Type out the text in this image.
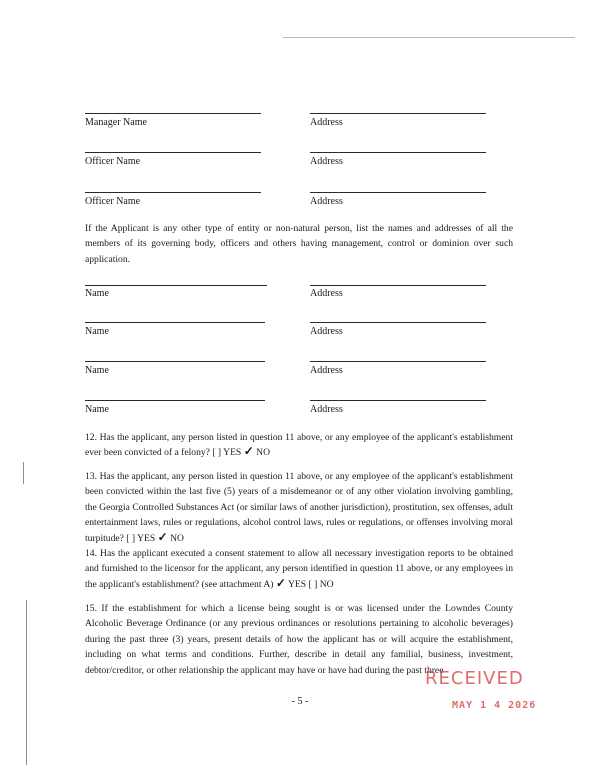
Manager Name	Address
Officer Name	Address
Officer Name	Address
If the Applicant is any other type of entity or non-natural person, list the names and addresses of all the members of its governing body, officers and others having management, control or dominion over such application.
Name	Address
Name	Address
Name	Address
Name	Address
12. Has the applicant, any person listed in question 11 above, or any employee of the applicant's establishment ever been convicted of a felony? [ ] YES ✓ NO
13. Has the applicant, any person listed in question 11 above, or any employee of the applicant's establishment been convicted within the last five (5) years of a misdemeanor or of any other violation involving gambling, the Georgia Controlled Substances Act (or similar laws of another jurisdiction), prostitution, sex offenses, adult entertainment laws, rules or regulations, alcohol control laws, rules or regulations, or offenses involving moral turpitude? [ ] YES ✓ NO
14. Has the applicant executed a consent statement to allow all necessary investigation reports to be obtained and furnished to the licensor for the applicant, any person identified in question 11 above, or any employees in the applicant's establishment? (see attachment A) ✓ YES [ ] NO
15. If the establishment for which a license being sought is or was licensed under the Lowndes County Alcoholic Beverage Ordinance (or any previous ordinances or resolutions pertaining to alcoholic beverages) during the past three (3) years, present details of how the applicant has or will acquire the establishment, including on what terms and conditions. Further, describe in detail any familial, business, investment, debtor/creditor, or other relationship the applicant may have or have had during the past three
- 5 -
RECEIVED
MAY 1 4 2026
